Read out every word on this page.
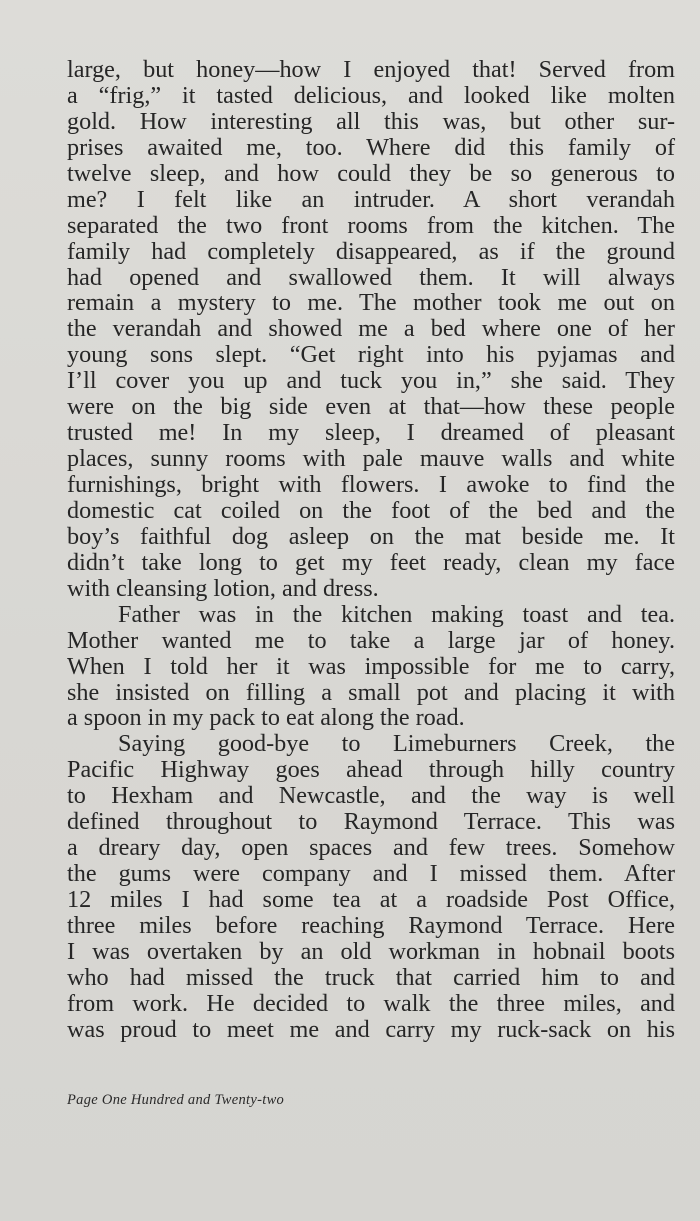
large, but honey—how I enjoyed that! Served from
a “frig,” it tasted delicious, and looked like molten
gold. How interesting all this was, but other sur-
prises awaited me, too. Where did this family of
twelve sleep, and how could they be so generous to
me? I felt like an intruder. A short verandah
separated the two front rooms from the kitchen. The
family had completely disappeared, as if the ground
had opened and swallowed them. It will always
remain a mystery to me. The mother took me out on
the verandah and showed me a bed where one of her
young sons slept. “Get right into his pyjamas and
I’ll cover you up and tuck you in,” she said. They
were on the big side even at that—how these people
trusted me! In my sleep, I dreamed of pleasant
places, sunny rooms with pale mauve walls and white
furnishings, bright with flowers. I awoke to find the
domestic cat coiled on the foot of the bed and the
boy’s faithful dog asleep on the mat beside me. It
didn’t take long to get my feet ready, clean my face
with cleansing lotion, and dress.

Father was in the kitchen making toast and tea.
Mother wanted me to take a large jar of honey.
When I told her it was impossible for me to carry,
she insisted on filling a small pot and placing it with
a spoon in my pack to eat along the road.

Saying good-bye to Limeburners Creek, the
Pacific Highway goes ahead through hilly country
to Hexham and Newcastle, and the way is well
defined throughout to Raymond Terrace. This was
a dreary day, open spaces and few trees. Somehow
the gums were company and I missed them. After
12 miles I had some tea at a roadside Post Office,
three miles before reaching Raymond Terrace. Here
I was overtaken by an old workman in hobnail boots
who had missed the truck that carried him to and
from work. He decided to walk the three miles, and
was proud to meet me and carry my ruck-sack on his

Page One Hundred and Twenty-two
